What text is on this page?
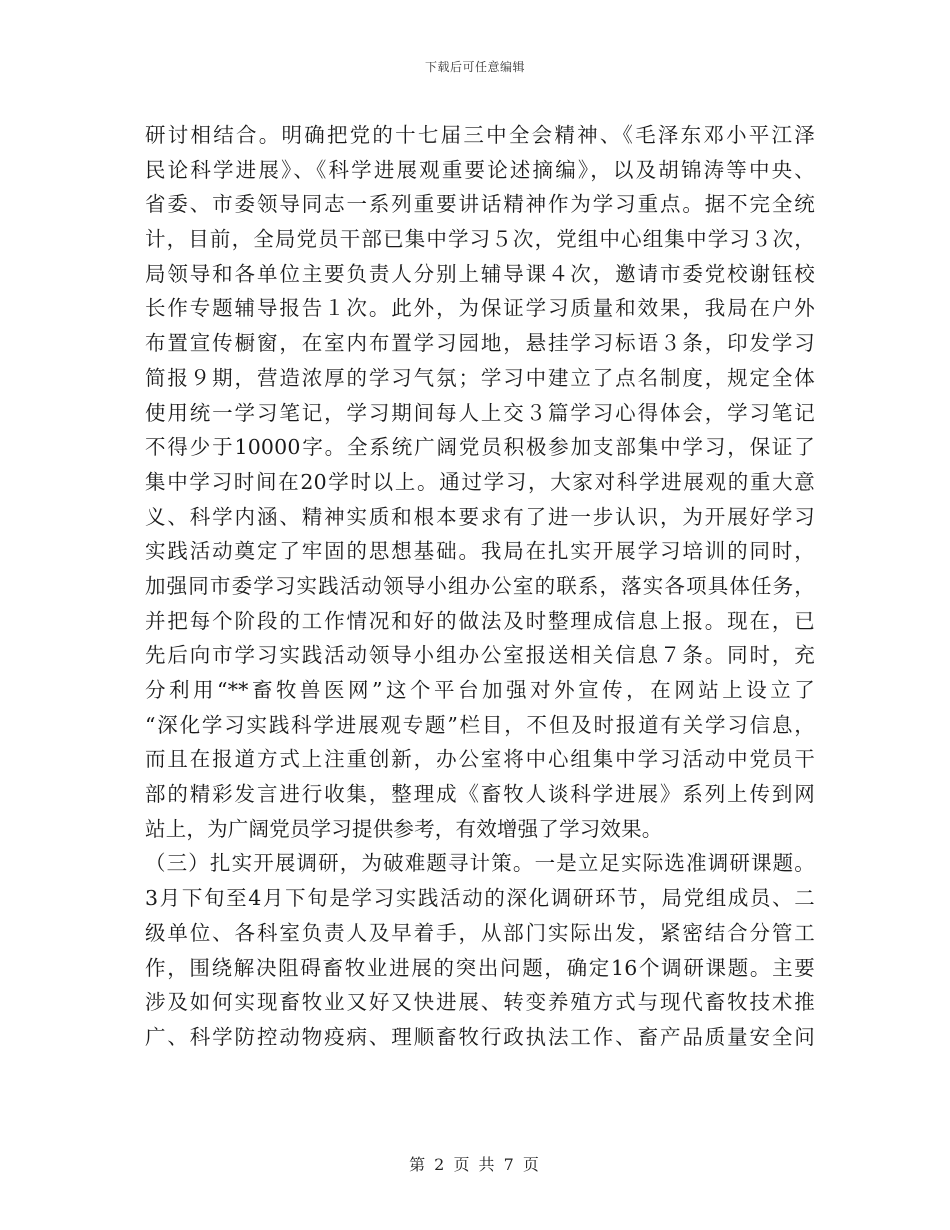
下载后可任意编辑
研讨相结合。明确把党的十七届三中全会精神、《毛泽东邓小平江泽
民论科学进展》、《科学进展观重要论述摘编》，以及胡锦涛等中央、
省委、市委领导同志一系列重要讲话精神作为学习重点。据不完全统
计，目前，全局党员干部已集中学习５次，党组中心组集中学习３次，
局领导和各单位主要负责人分别上辅导课４次，邀请市委党校谢钰校
长作专题辅导报告１次。此外，为保证学习质量和效果，我局在户外
布置宣传橱窗，在室内布置学习园地，悬挂学习标语３条，印发学习
简报９期，营造浓厚的学习气氛；学习中建立了点名制度，规定全体
使用统一学习笔记，学习期间每人上交３篇学习心得体会，学习笔记
不得少于10000字。全系统广阔党员积极参加支部集中学习，保证了
集中学习时间在20学时以上。通过学习，大家对科学进展观的重大意
义、科学内涵、精神实质和根本要求有了进一步认识，为开展好学习
实践活动奠定了牢固的思想基础。我局在扎实开展学习培训的同时，
加强同市委学习实践活动领导小组办公室的联系，落实各项具体任务，
并把每个阶段的工作情况和好的做法及时整理成信息上报。现在，已
先后向市学习实践活动领导小组办公室报送相关信息７条。同时，充
分利用“**畜牧兽医网”这个平台加强对外宣传，在网站上设立了
“深化学习实践科学进展观专题”栏目，不但及时报道有关学习信息，
而且在报道方式上注重创新，办公室将中心组集中学习活动中党员干
部的精彩发言进行收集，整理成《畜牧人谈科学进展》系列上传到网
站上，为广阔党员学习提供参考，有效增强了学习效果。
（三）扎实开展调研，为破难题寻计策。一是立足实际选准调研课题。
3月下旬至4月下旬是学习实践活动的深化调研环节，局党组成员、二
级单位、各科室负责人及早着手，从部门实际出发，紧密结合分管工
作，围绕解决阻碍畜牧业进展的突出问题，确定16个调研课题。主要
涉及如何实现畜牧业又好又快进展、转变养殖方式与现代畜牧技术推
广、科学防控动物疫病、理顺畜牧行政执法工作、畜产品质量安全问
第 2 页 共 7 页
